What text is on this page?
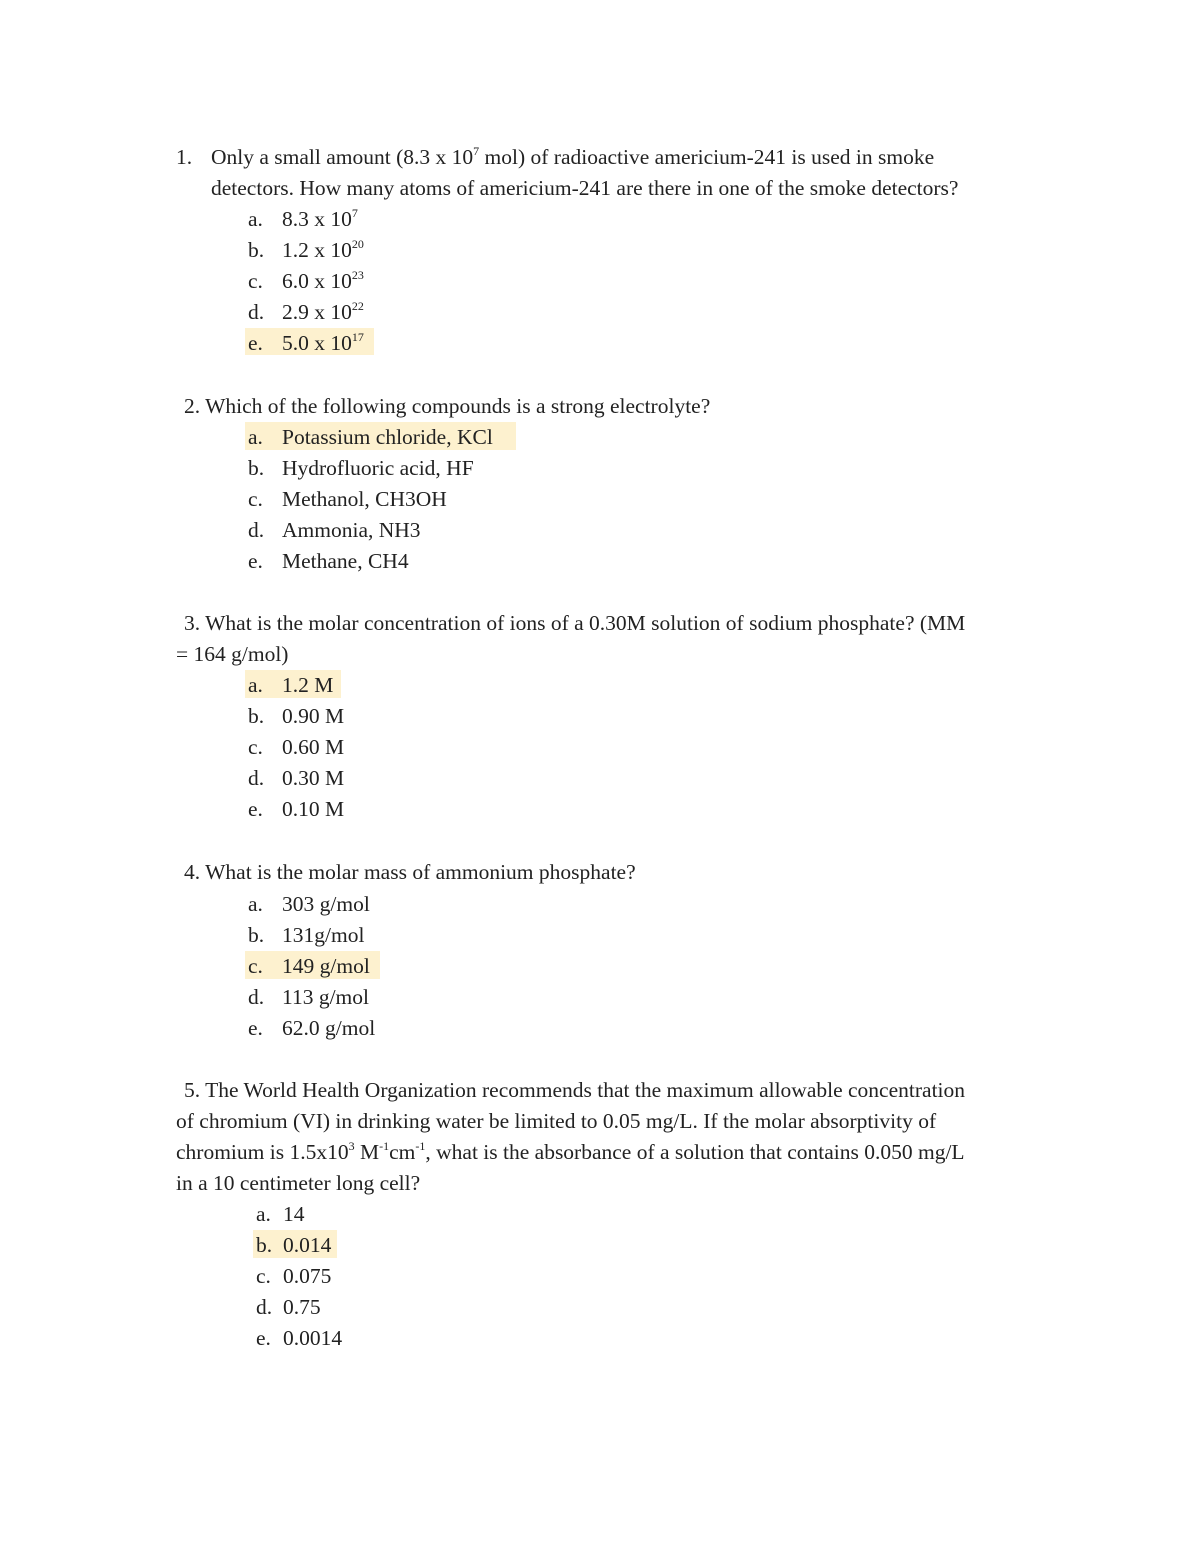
1. Only a small amount (8.3 x $10^7$ mol) of radioactive americium-241 is used in smoke
detectors. How many atoms of americium-241 are there in one of the smoke detectors?
a. 8.3 x $10^7$
b. 1.2 x $10^{20}$
c. 6.0 x $10^{23}$
d. 2.9 x $10^{22}$
e. 5.0 x $10^{17}$
2. Which of the following compounds is a strong electrolyte?
a. Potassium chloride, KCl
b. Hydrofluoric acid, HF
c. Methanol, CH3OH
d. Ammonia, NH3
e. Methane, CH4
3. What is the molar concentration of ions of a 0.30M solution of sodium phosphate? (MM
= 164 g/mol)
a. 1.2 M
b. 0.90 M
c. 0.60 M
d. 0.30 M
e. 0.10 M
4. What is the molar mass of ammonium phosphate?
a. 303 g/mol
b. 131g/mol
c. 149 g/mol
d. 113 g/mol
e. 62.0 g/mol
5. The World Health Organization recommends that the maximum allowable concentration
of chromium (VI) in drinking water be limited to 0.05 mg/L. If the molar absorptivity of
chromium is $1.5x10^3$ $M^{-1}cm^{-1}$, what is the absorbance of a solution that contains 0.050 mg/L
in a 10 centimeter long cell?
a. 14
b. 0.014
c. 0.075
d. 0.75
e. 0.0014
